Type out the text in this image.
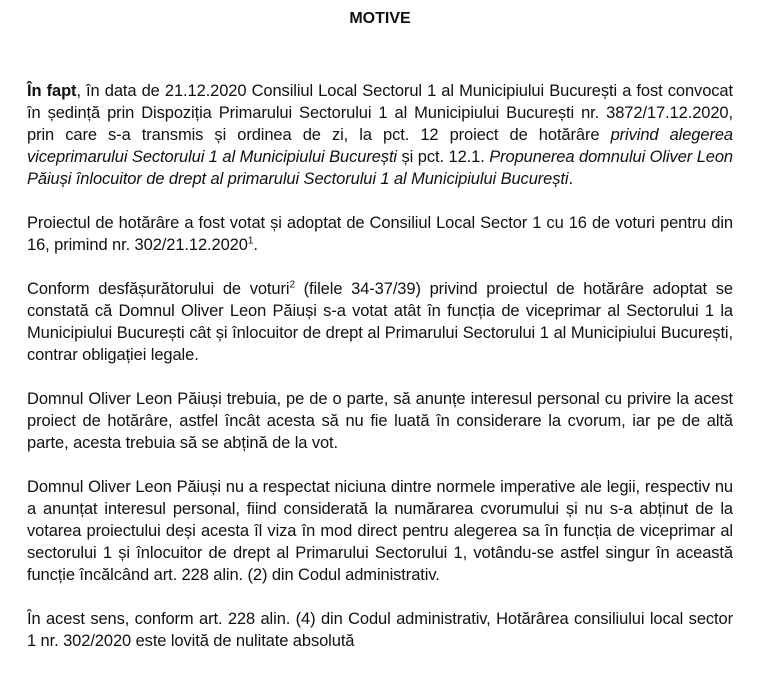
MOTIVE

În fapt, în data de 21.12.2020 Consiliul Local Sectorul 1 al Municipiului București a fost convocat în ședință prin Dispoziția Primarului Sectorului 1 al Municipiului București nr. 3872/17.12.2020, prin care s-a transmis și ordinea de zi, la pct. 12 proiect de hotărâre privind alegerea viceprimarului Sectorului 1 al Municipiului București și pct. 12.1. Propunerea domnului Oliver Leon Păiuși înlocuitor de drept al primarului Sectorului 1 al Municipiului București.

Proiectul de hotărâre a fost votat și adoptat de Consiliul Local Sector 1 cu 16 de voturi pentru din 16, primind nr. 302/21.12.2020$^1$.

Conform desfășurătorului de voturi$^2$ (filele 34-37/39) privind proiectul de hotărâre adoptat se constată că Domnul Oliver Leon Păiuși s-a votat atât în funcția de viceprimar al Sectorului 1 la Municipiului București cât și înlocuitor de drept al Primarului Sectorului 1 al Municipiului București, contrar obligației legale.

Domnul Oliver Leon Păiuși trebuia, pe de o parte, să anunțe interesul personal cu privire la acest proiect de hotărâre, astfel încât acesta să nu fie luată în considerare la cvorum, iar pe de altă parte, acesta trebuia să se abțină de la vot.

Domnul Oliver Leon Păiuși nu a respectat niciuna dintre normele imperative ale legii, respectiv nu a anunțat interesul personal, fiind considerată la numărarea cvorumului și nu s-a abținut de la votarea proiectului deși acesta îl viza în mod direct pentru alegerea sa în funcția de viceprimar al sectorului 1 și înlocuitor de drept al Primarului Sectorului 1, votându-se astfel singur în această funcție încălcând art. 228 alin. (2) din Codul administrativ.

În acest sens, conform art. 228 alin. (4) din Codul administrativ, Hotărârea consiliului local sector 1 nr. 302/2020 este lovită de nulitate absolută
